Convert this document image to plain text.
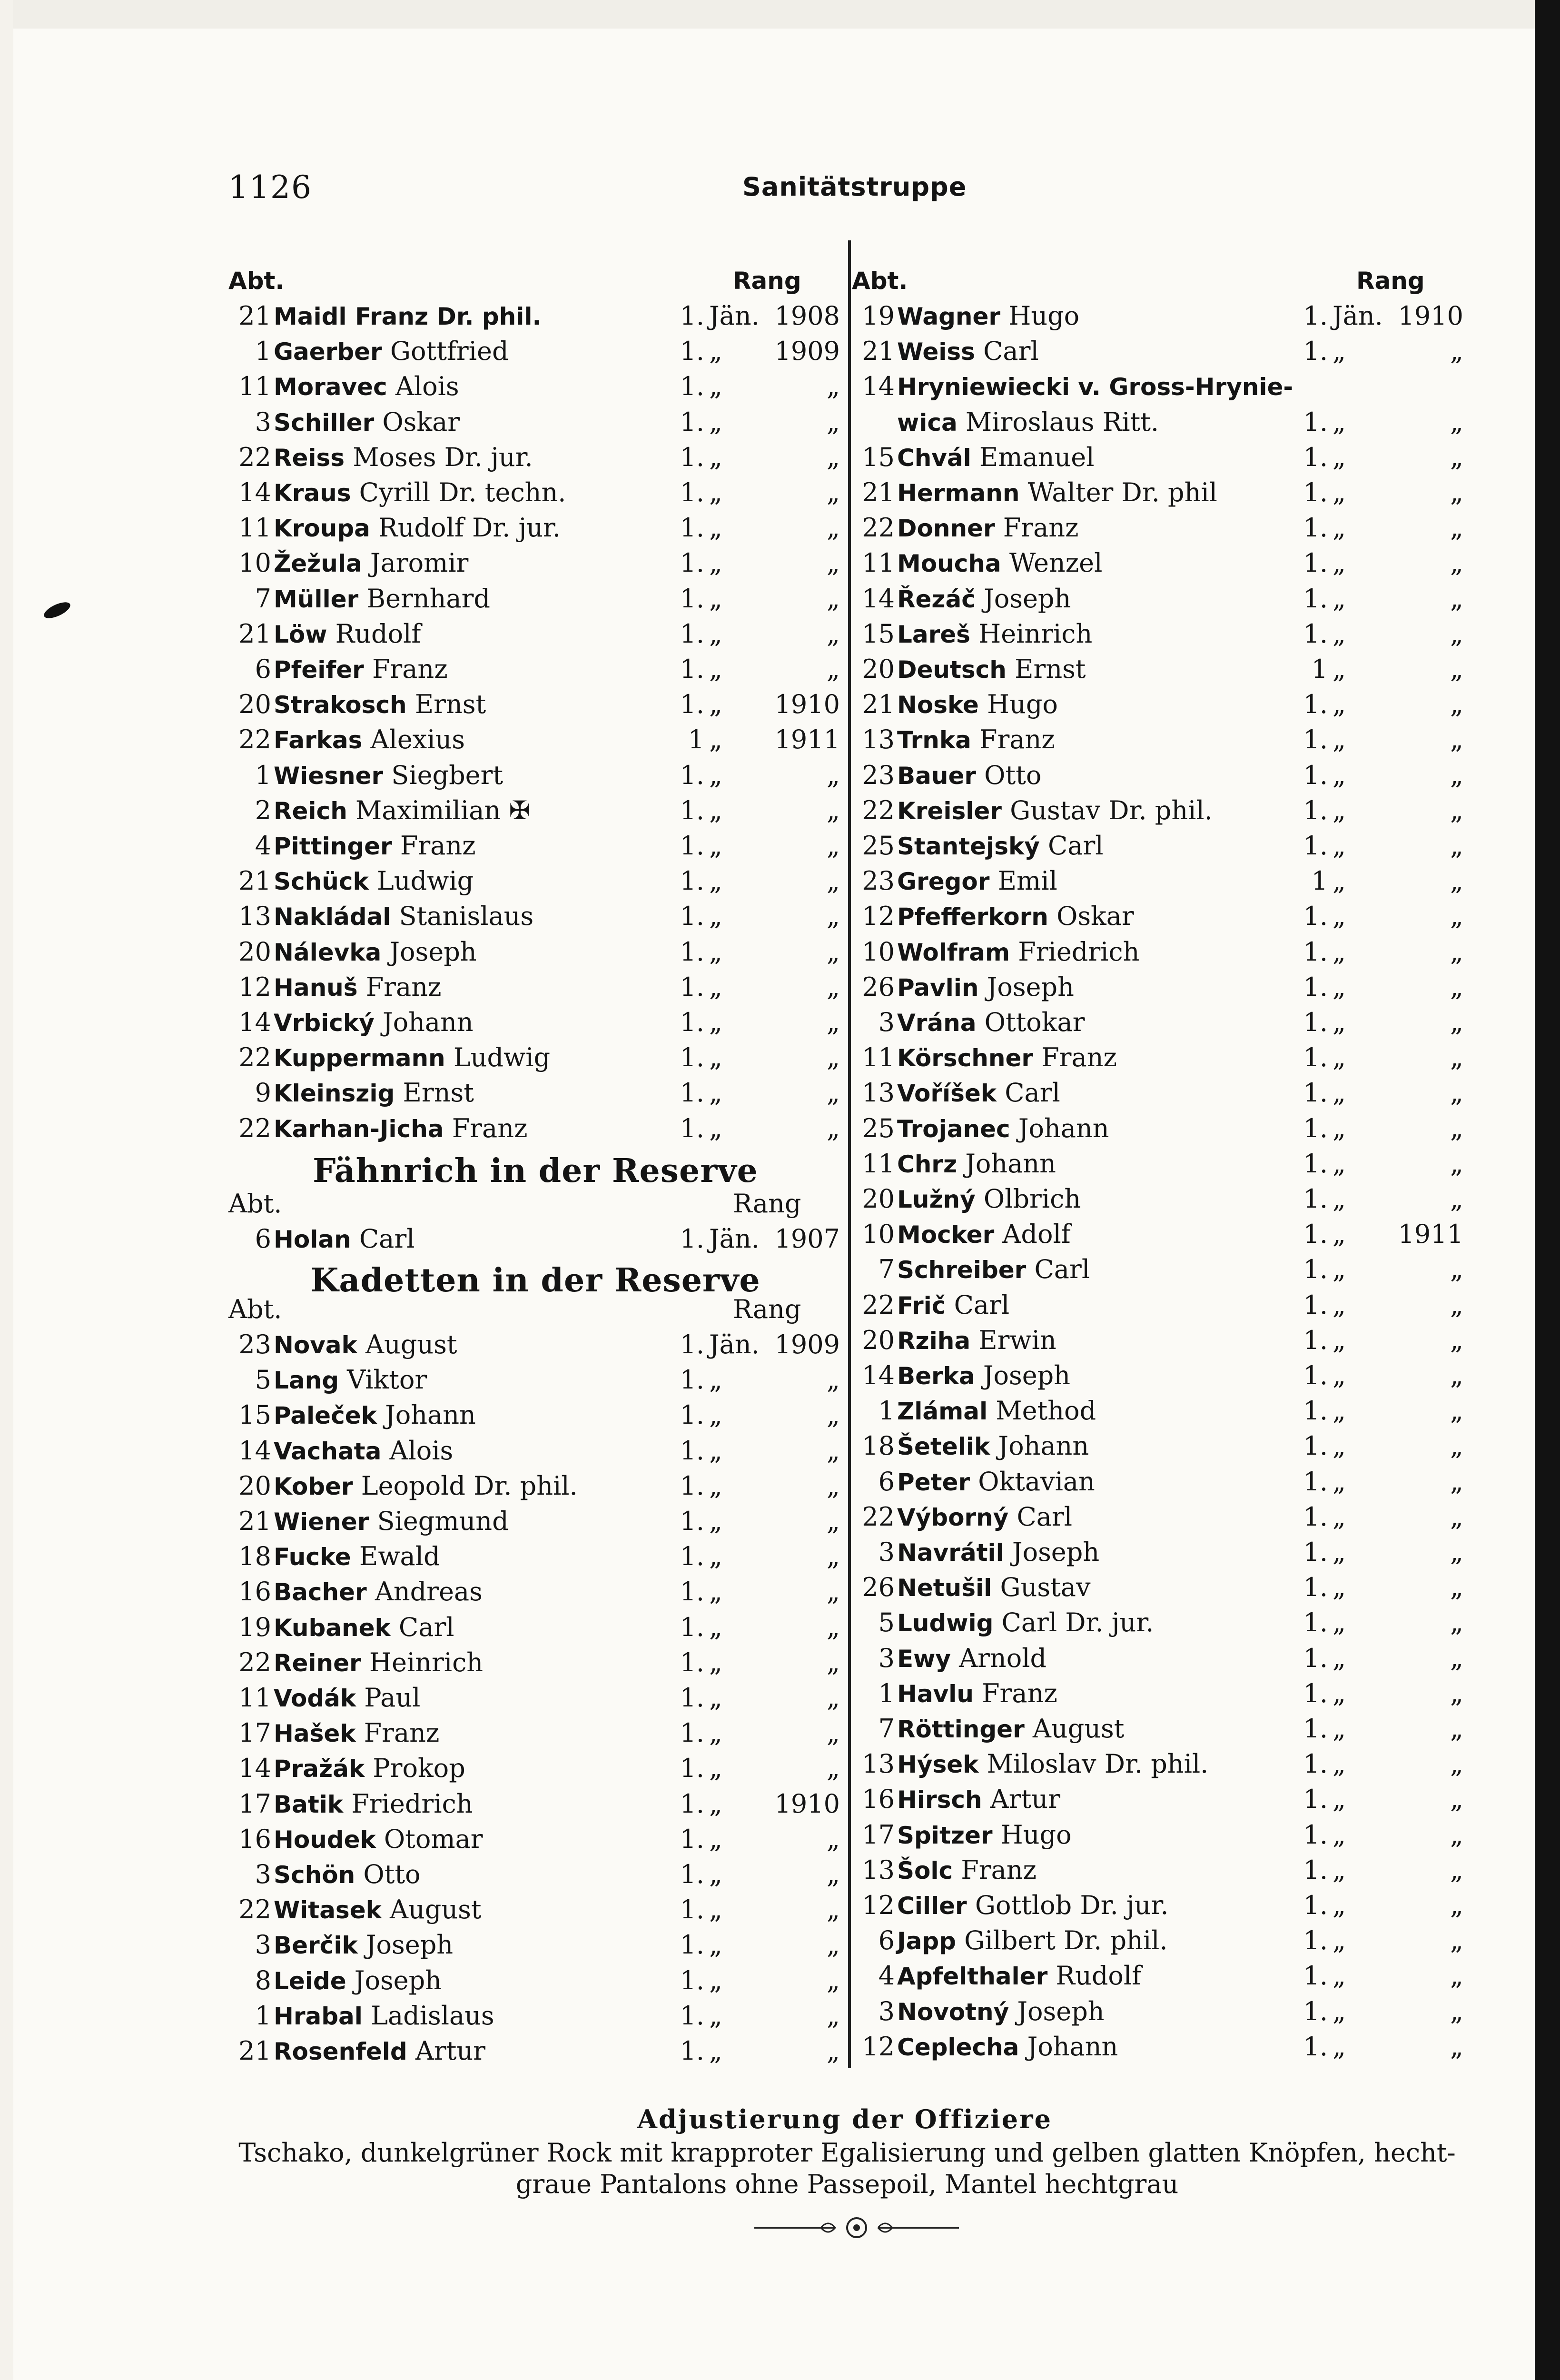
1126	Sanitätstruppe
Abt.	Rang
21 Maidl Franz Dr. phil.	1. Jän. 1908
1 Gaerber Gottfried	1. „	1909
11 Moravec Alois	1. „	„
3 Schiller Oskar	1. „	„
22 Reiss Moses Dr. jur.	1. „	„
14 Kraus Cyrill Dr. techn.	1. „	„
11 Kroupa Rudolf Dr. jur.	1. „	„
10 Žežula Jaromir	1. „	„
7 Müller Bernhard	1. „	„
21 Löw Rudolf	1. „	„
6 Pfeifer Franz	1. „	„
20 Strakosch Ernst	1. „	1910
22 Farkas Alexius	1 „	1911
1 Wiesner Siegbert	1. „	„
2 Reich Maximilian ✠	1. „	„
4 Pittinger Franz	1. „	„
21 Schück Ludwig	1. „	„
13 Nakládal Stanislaus	1. „	„
20 Nálevka Joseph	1. „	„
12 Hanuš Franz	1. „	„
14 Vrbický Johann	1. „	„
22 Kuppermann Ludwig	1. „	„
9 Kleinszig Ernst	1. „	„
22 Karhan-Jicha Franz	1. „	„
Fähnrich in der Reserve
Abt.	Rang
6 Holan Carl	1. Jän. 1907
Kadetten in der Reserve
Abt.	Rang
23 Novak August	1. Jän. 1909
5 Lang Viktor	1. „	„
15 Paleček Johann	1. „	„
14 Vachata Alois	1. „	„
20 Kober Leopold Dr. phil.	1. „	„
21 Wiener Siegmund	1. „	„
18 Fucke Ewald	1. „	„
16 Bacher Andreas	1. „	„
19 Kubanek Carl	1. „	„
22 Reiner Heinrich	1. „	„
11 Vodák Paul	1. „	„
17 Hašek Franz	1. „	„
14 Pražák Prokop	1. „	„
17 Batik Friedrich	1. „	1910
16 Houdek Otomar	1. „	„
3 Schön Otto	1. „	„
22 Witasek August	1. „	„
3 Berčik Joseph	1. „	„
8 Leide Joseph	1. „	„
1 Hrabal Ladislaus	1. „	„
21 Rosenfeld Artur	1. „	„
Abt.	Rang
19 Wagner Hugo	1. Jän. 1910
21 Weiss Carl	1. „	„
14 Hryniewiecki v. Gross-Hrynie-
wica Miroslaus Ritt.	1. „	„
15 Chvál Emanuel	1. „	„
21 Hermann Walter Dr. phil	1. „	„
22 Donner Franz	1. „	„
11 Moucha Wenzel	1. „	„
14 Řezáč Joseph	1. „	„
15 Lareš Heinrich	1. „	„
20 Deutsch Ernst	1 „	„
21 Noske Hugo	1. „	„
13 Trnka Franz	1. „	„
23 Bauer Otto	1. „	„
22 Kreisler Gustav Dr. phil.	1. „	„
25 Stantejský Carl	1. „	„
23 Gregor Emil	1 „	„
12 Pfefferkorn Oskar	1. „	„
10 Wolfram Friedrich	1. „	„
26 Pavlin Joseph	1. „	„
3 Vrána Ottokar	1. „	„
11 Körschner Franz	1. „	„
13 Voříšek Carl	1. „	„
25 Trojanec Johann	1. „	„
11 Chrz Johann	1. „	„
20 Lužný Olbrich	1. „	„
10 Mocker Adolf	1. „	1911
7 Schreiber Carl	1. „	„
22 Frič Carl	1. „	„
20 Rziha Erwin	1. „	„
14 Berka Joseph	1. „	„
1 Zlámal Method	1. „	„
18 Šetelik Johann	1. „	„
6 Peter Oktavian	1. „	„
22 Výborný Carl	1. „	„
3 Navrátil Joseph	1. „	„
26 Netušil Gustav	1. „	„
5 Ludwig Carl Dr. jur.	1. „	„
3 Ewy Arnold	1. „	„
1 Havlu Franz	1. „	„
7 Röttinger August	1. „	„
13 Hýsek Miloslav Dr. phil.	1. „	„
16 Hirsch Artur	1. „	„
17 Spitzer Hugo	1. „	„
13 Šolc Franz	1. „	„
12 Ciller Gottlob Dr. jur.	1. „	„
6 Japp Gilbert Dr. phil.	1. „	„
4 Apfelthaler Rudolf	1. „	„
3 Novotný Joseph	1. „	„
12 Ceplecha Johann	1. „	„
Adjustierung der Offiziere
Tschako, dunkelgrüner Rock mit krapproter Egalisierung und gelben glatten Knöpfen, hecht-
graue Pantalons ohne Passepoil, Mantel hechtgrau
